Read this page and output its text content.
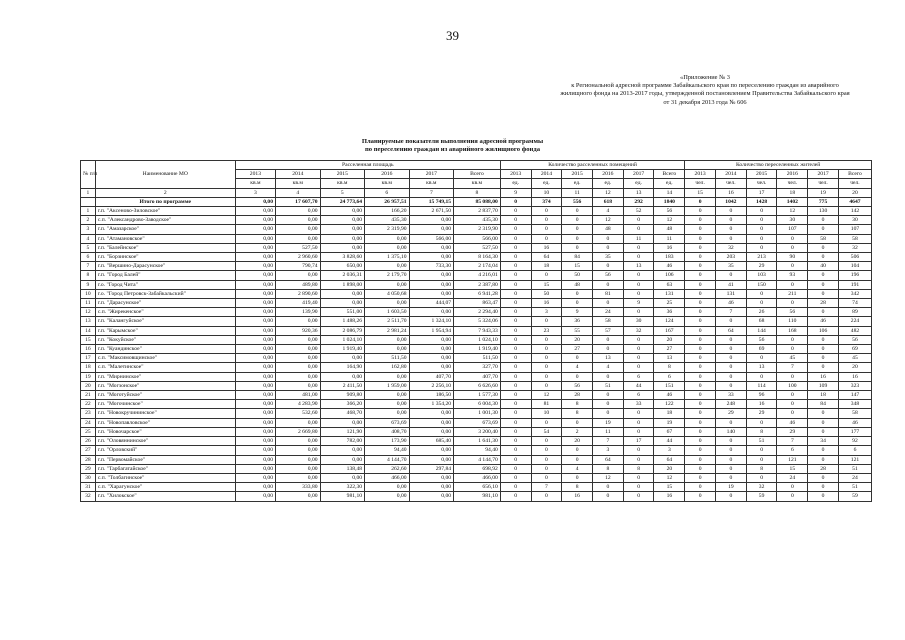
39
«Приложение № 3
к Региональной адресной программе Забайкальского края по переселению граждан из аварийного
жилищного фонда на 2013-2017 годы, утвержденной постановлением Правительства Забайкальского края
от 31 декабря 2013 года № 606
Планируемые показатели выполнения адресной программы
по переселению граждан из аварийного жилищного фонда
№ п/п	Наименование МО	Расселенная площадь						Количество расселенных помещений						Количество переселенных жителей					
		2013	2014	2015	2016	2017	Всего	2013	2014	2015	2016	2017	Всего	2013	2014	2015	2016	2017	Всего
		кв.м	кв.м	кв.м	кв.м	кв.м	кв.м	ед.	ед.	ед.	ед.	ед.	ед.	чел.	чел.	чел.	чел.	чел.	чел.
1	2	3	4	5	6	7	8	9	10	11	12	13	14	15	16	17	18	19	20
	Итого по программе	0,00	17 607,70	24 773,64	26 957,51	15 749,15	85 088,00	0	374	556	618	292	1840	0	1042	1428	1402	775	4647
1	г.п. "Аксеново-Зиловское"	0,00	0,00	0,00	166,20	2 671,50	2 837,70	0	0	0	4	52	56	0	0	0	12	130	142
2	с.п. "Александрово-Заводское"	0,00	0,00	0,00	435,30	0,00	435,30	0	0	0	12	0	12	0	0	0	30	0	30
3	г.п. "Амазарское"	0,00	0,00	0,00	2 319,90	0,00	2 319,90	0	0	0	48	0	48	0	0	0	107	0	107
4	г.п. "Атамановское"	0,00	0,00	0,00	0,00	566,00	566,00	0	0	0	0	11	11	0	0	0	0	58	58
5	г.п. "Балейнское"	0,00	527,50	0,00	0,00	0,00	527,50	0	16	0	0	0	16	0	32	0	0	0	32
6	г.п. "Борзинское"	0,00	2 960,60	3 828,60	1 375,10	0,00	8 164,30	0	64	84	35	0	183	0	203	213	90	0	506
7	г.п. "Вершино-Дарасунское"	0,00	790,74	650,00	0,00	733,30	2 174,04	0	18	15	0	13	46	0	35	29	0	40	104
8	г.п. "Город Балей"	0,00	0,00	2 036,31	2 179,70	0,00	4 216,01	0	0	50	56	0	106	0	0	103	93	0	196
9	г.о. "Город Чита"	0,00	489,80	1 898,00	0,00	0,00	2 387,80	0	15	48	0	0	63	0	41	150	0	0	191
10	г.о. "Город Петровск-Забайкальский"	0,00	2 890,60	0,00	4 050,68	0,00	6 941,28	0	50	0	81	0	131	0	131	0	211	0	342
11	г.п. "Дарасунское"	0,00	419,40	0,00	0,00	444,07	863,47	0	16	0	0	9	25	0	46	0	0	28	74
12	с.п. "Жирекенское"	0,00	139,90	551,00	1 603,50	0,00	2 294,40	0	3	9	24	0	36	0	7	26	56	0	89
13	г.п. "Калангуйское"	0,00	0,00	1 488,26	2 511,70	1 324,10	5 324,06	0	0	36	58	30	124	0	0	68	110	46	224
14	г.п. "Карымское"	0,00	920,36	2 086,79	2 981,24	1 954,94	7 943,33	0	23	55	57	32	167	0	64	144	168	106	482
15	г.п. "Кокуйское"	0,00	0,00	1 024,10	0,00	0,00	1 024,10	0	0	20	0	0	20	0	0	56	0	0	56
16	г.п. "Куандинское"	0,00	0,00	1 919,40	0,00	0,00	1 919,40	0	0	27	0	0	27	0	0	69	0	0	69
17	с.п. "Максимовщинское"	0,00	0,00	0,00	511,50	0,00	511,50	0	0	0	13	0	13	0	0	0	45	0	45
18	с.п. "Малетинское"	0,00	0,00	164,90	162,80	0,00	327,70	0	0	4	4	0	8	0	0	13	7	0	20
19	г.п. "Мирнинское"	0,00	0,00	0,00	0,00	407,70	407,70	0	0	0	0	6	6	0	0	0	0	16	16
20	г.п. "Могзонское"	0,00	0,00	2 411,50	1 959,00	2 256,10	6 626,60	0	0	56	51	44	151	0	0	114	100	109	323
21	г.п. "Моготуйское"	0,00	481,00	909,80	0,00	186,50	1 577,30	0	12	28	0	6	46	0	33	96	0	18	147
22	г.п. "Могочинское"	0,00	4 283,90	366,20	0,00	1 354,20	6 004,30	0	81	8	0	33	122	0	248	16	0	84	348
23	г.п. "Новокручининское"	0,00	532,60	468,70	0,00	0,00	1 001,30	0	10	8	0	0	18	0	29	29	0	0	58
24	г.п. "Новопавловское"	0,00	0,00	0,00	673,69	0,00	673,69	0	0	0	19	0	19	0	0	0	46	0	46
25	г.п. "Новочарское"	0,00	2 669,80	121,90	408,70	0,00	3 200,40	0	54	2	11	0	67	0	140	8	29	0	177
26	г.п. "Оловяннинское"	0,00	0,00	782,00	173,90	685,40	1 641,30	0	0	20	7	17	44	0	0	51	7	34	92
27	г.п. "Орловский"	0,00	0,00	0,00	94,40	0,00	94,40	0	0	0	3	0	3	0	0	0	6	0	6
28	г.п. "Первомайское"	0,00	0,00	0,00	4 144,70	0,00	4 144,70	0	0	0	64	0	64	0	0	0	121	0	121
29	г.п. "Тарбагатайское"	0,00	0,00	138,48	262,60	297,84	698,92	0	0	4	8	8	20	0	0	8	15	28	51
30	с.п. "Толбагинское"	0,00	0,00	0,00	466,00	0,00	466,00	0	0	0	12	0	12	0	0	0	24	0	24
31	с.п. "Харагунское"	0,00	333,80	322,30	0,00	0,00	656,10	0	7	8	0	0	15	0	19	32	0	0	51
32	г.п. "Хилокское"	0,00	0,00	981,10	0,00	0,00	981,10	0	0	16	0	0	16	0	0	59	0	0	59
